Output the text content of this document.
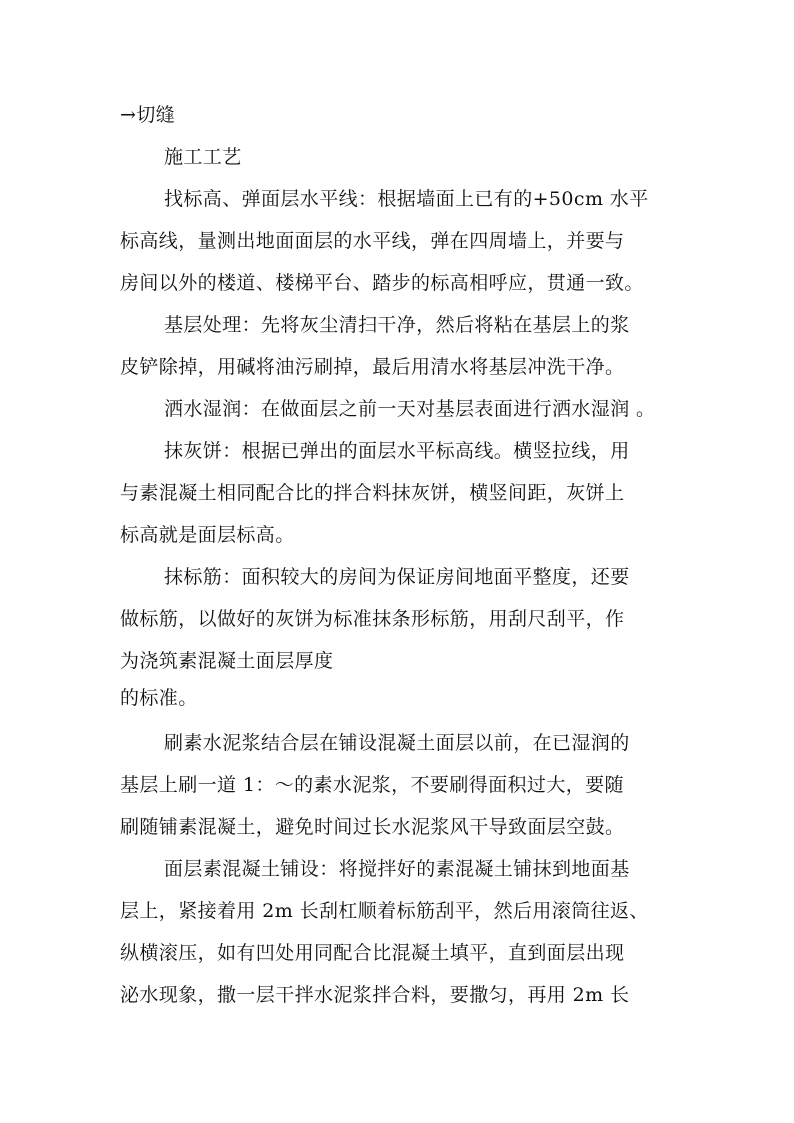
→切缝
施工工艺
找标高、弹面层水平线：根据墙面上已有的+50cm 水平
标高线，量测出地面面层的水平线，弹在四周墙上，并要与
房间以外的楼道、楼梯平台、踏步的标高相呼应，贯通一致。
基层处理：先将灰尘清扫干净，然后将粘在基层上的浆
皮铲除掉，用碱将油污刷掉，最后用清水将基层冲洗干净。
洒水湿润：在做面层之前一天对基层表面进行洒水湿润 。
抹灰饼：根据已弹出的面层水平标高线。横竖拉线，用
与素混凝土相同配合比的拌合料抹灰饼，横竖间距，灰饼上
标高就是面层标高。
抹标筋：面积较大的房间为保证房间地面平整度，还要
做标筋，以做好的灰饼为标准抹条形标筋，用刮尺刮平，作
为浇筑素混凝土面层厚度
的标准。
刷素水泥浆结合层在铺设混凝土面层以前，在已湿润的
基层上刷一道 1：～的素水泥浆，不要刷得面积过大，要随
刷随铺素混凝土，避免时间过长水泥浆风干导致面层空鼓。
面层素混凝土铺设：将搅拌好的素混凝土铺抹到地面基
层上，紧接着用 2m 长刮杠顺着标筋刮平，然后用滚筒往返、
纵横滚压，如有凹处用同配合比混凝土填平，直到面层出现
泌水现象，撒一层干拌水泥浆拌合料，要撒匀，再用 2m 长
